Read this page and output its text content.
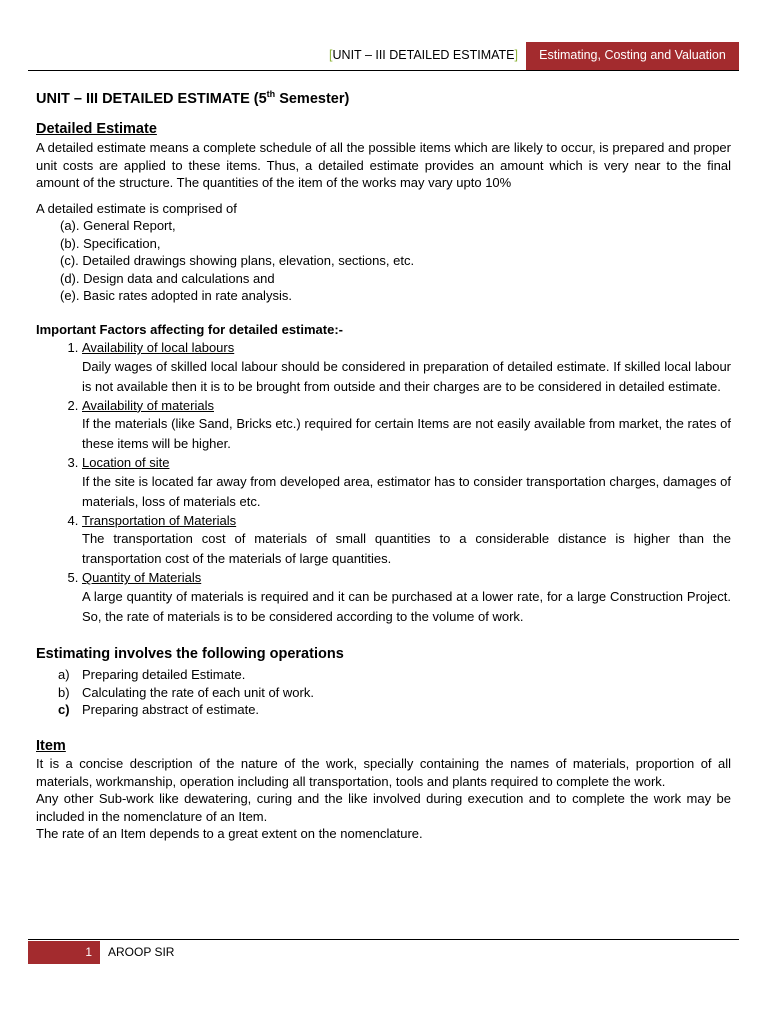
[UNIT – III DETAILED ESTIMATE]	Estimating, Costing and Valuation
UNIT – III DETAILED ESTIMATE (5th Semester)
Detailed Estimate

A detailed estimate means a complete schedule of all the possible items which are likely to occur, is prepared and proper unit costs are applied to these items. Thus, a detailed estimate provides an amount which is very near to the final amount of the structure. The quantities of the item of the works may vary upto 10%

A detailed estimate is comprised of

(a). General Report,
(b). Specification,
(c). Detailed drawings showing plans, elevation, sections, etc.
(d). Design data and calculations and
(e). Basic rates adopted in rate analysis.
Important Factors affecting for detailed estimate:-
1. Availability of local labours
Daily wages of skilled local labour should be considered in preparation of detailed estimate. If skilled local labour is not available then it is to be brought from outside and their charges are to be considered in detailed estimate.
2. Availability of materials
If the materials (like Sand, Bricks etc.) required for certain Items are not easily available from market, the rates of these items will be higher.
3. Location of site
If the site is located far away from developed area, estimator has to consider transportation charges, damages of materials, loss of materials etc.
4. Transportation of Materials
The transportation cost of materials of small quantities to a considerable distance is higher than the transportation cost of the materials of large quantities.
5. Quantity of Materials
A large quantity of materials is required and it can be purchased at a lower rate, for a large Construction Project. So, the rate of materials is to be considered according to the volume of work.
Estimating involves the following operations
a) Preparing detailed Estimate.
b) Calculating the rate of each unit of work.
c) Preparing abstract of estimate.
Item

It is a concise description of the nature of the work, specially containing the names of materials, proportion of all materials, workmanship, operation including all transportation, tools and plants required to complete the work.

Any other Sub-work like dewatering, curing and the like involved during execution and to complete the work may be included in the nomenclature of an Item.

The rate of an Item depends to a great extent on the nomenclature.

1	AROOP SIR
